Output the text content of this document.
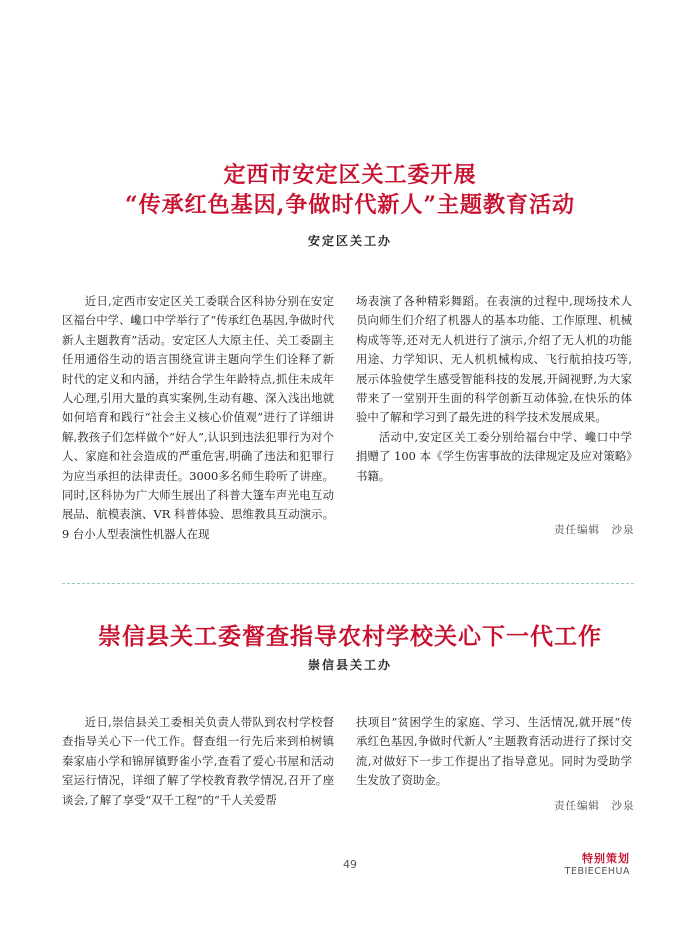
定西市安定区关工委开展
“传承红色基因,争做时代新人”主题教育活动
安定区关工办

近日,定西市安定区关工委联合区科协分别在安定区福台中学、巉口中学举行了“传承红色基因,争做时代新人主题教育”活动。安定区人大原主任、关工委副主任用通俗生动的语言围绕宣讲主题向学生们诠释了新时代的定义和内涵，并结合学生年龄特点,抓住未成年人心理,引用大量的真实案例,生动有趣、深入浅出地就如何培育和践行“社会主义核心价值观”进行了详细讲解,教孩子们怎样做个“好人”,认识到违法犯罪行为对个人、家庭和社会造成的严重危害,明确了违法和犯罪行为应当承担的法律责任。3000多名师生聆听了讲座。同时,区科协为广大师生展出了科普大篷车声光电互动展品、航模表演、VR 科普体验、思维教具互动演示。9 台小人型表演性机器人在现

场表演了各种精彩舞蹈。在表演的过程中,现场技术人员向师生们介绍了机器人的基本功能、工作原理、机械构成等等,还对无人机进行了演示,介绍了无人机的功能用途、力学知识、无人机机械构成、飞行航拍技巧等,展示体验使学生感受智能科技的发展,开阔视野,为大家带来了一堂别开生面的科学创新互动体验,在快乐的体验中了解和学习到了最先进的科学技术发展成果。

活动中,安定区关工委分别给福台中学、巉口中学捐赠了 100 本《学生伤害事故的法律规定及应对策略》书籍。

责任编辑　沙泉
崇信县关工委督查指导农村学校关心下一代工作
崇信县关工办

近日,崇信县关工委相关负责人带队到农村学校督查指导关心下一代工作。督查组一行先后来到柏树镇秦家庙小学和锦屏镇野雀小学,查看了爱心书屋和活动室运行情况，详细了解了学校教育教学情况,召开了座谈会,了解了享受“双千工程”的“千人关爱帮

扶项目”贫困学生的家庭、学习、生活情况,就开展“传承红色基因,争做时代新人”主题教育活动进行了探讨交流,对做好下一步工作提出了指导意见。同时为受助学生发放了资助金。

责任编辑　沙泉
49	特别策划
TEBIECEHUA
